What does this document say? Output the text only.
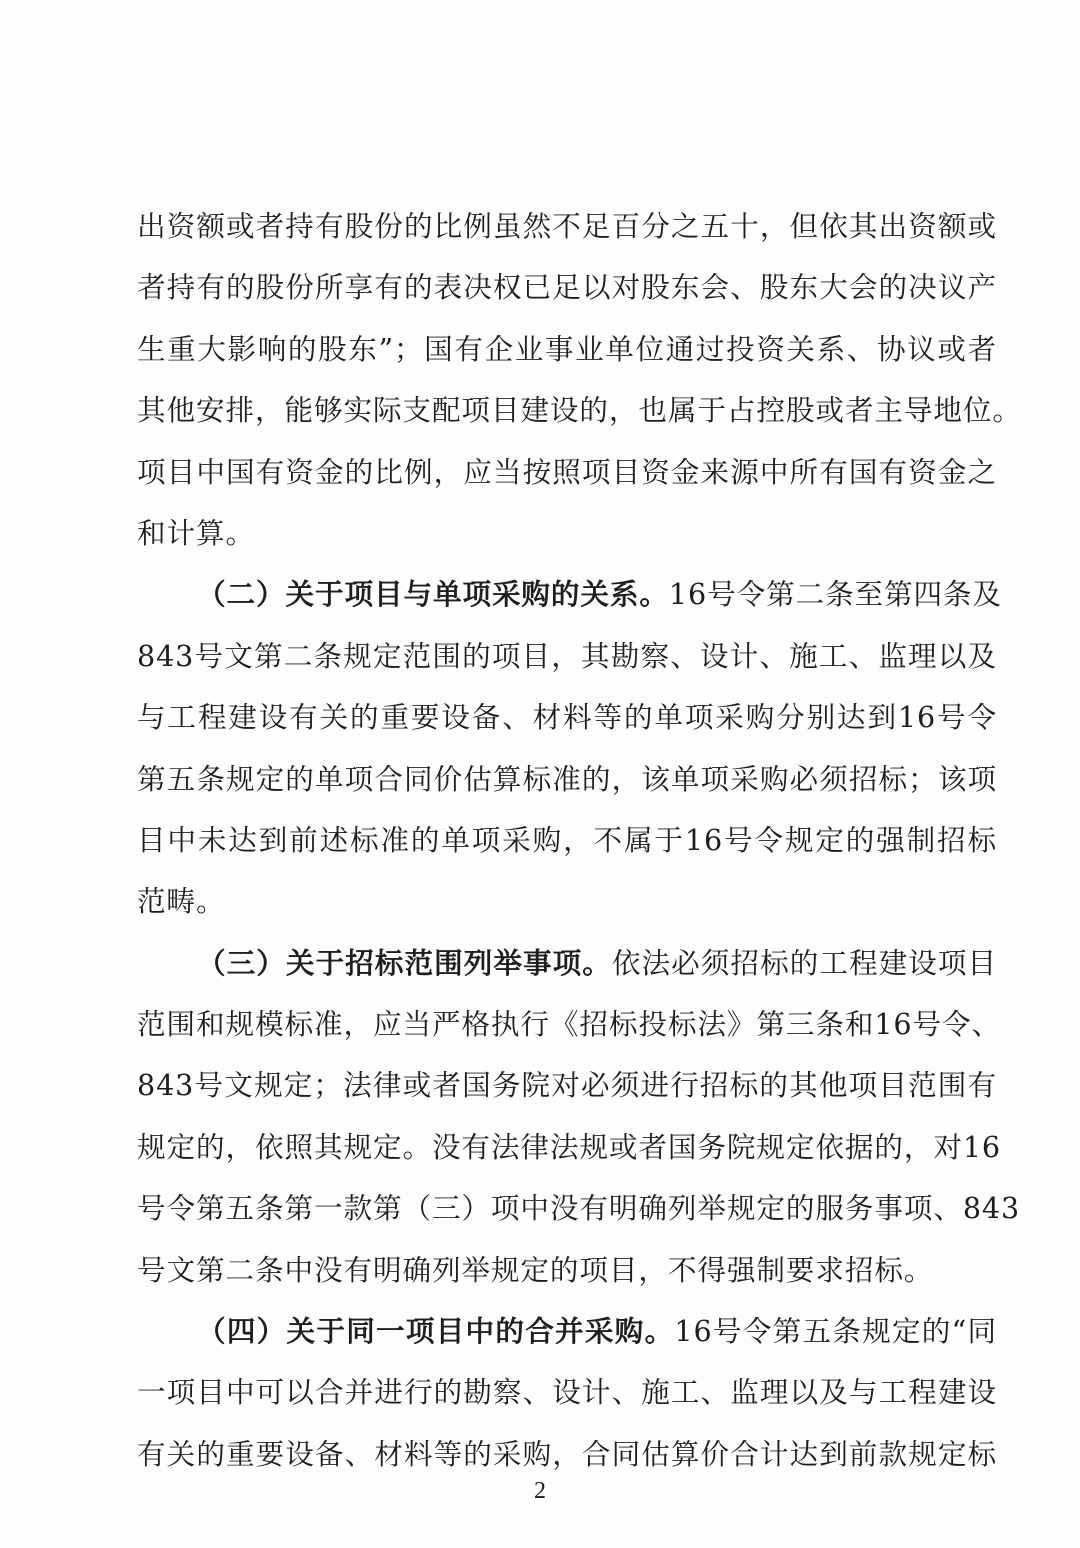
出资额或者持有股份的比例虽然不足百分之五十，但依其出资额或
者持有的股份所享有的表决权已足以对股东会、股东大会的决议产
生重大影响的股东”；国有企业事业单位通过投资关系、协议或者
其他安排，能够实际支配项目建设的，也属于占控股或者主导地位。
项目中国有资金的比例，应当按照项目资金来源中所有国有资金之
和计算。
（二）关于项目与单项采购的关系。16号令第二条至第四条及
843号文第二条规定范围的项目，其勘察、设计、施工、监理以及
与工程建设有关的重要设备、材料等的单项采购分别达到16号令
第五条规定的单项合同价估算标准的，该单项采购必须招标；该项
目中未达到前述标准的单项采购，不属于16号令规定的强制招标
范畴。
（三）关于招标范围列举事项。依法必须招标的工程建设项目
范围和规模标准，应当严格执行《招标投标法》第三条和16号令、
843号文规定；法律或者国务院对必须进行招标的其他项目范围有
规定的，依照其规定。没有法律法规或者国务院规定依据的，对16
号令第五条第一款第（三）项中没有明确列举规定的服务事项、843
号文第二条中没有明确列举规定的项目，不得强制要求招标。
（四）关于同一项目中的合并采购。16号令第五条规定的“同
一项目中可以合并进行的勘察、设计、施工、监理以及与工程建设
有关的重要设备、材料等的采购，合同估算价合计达到前款规定标
2
